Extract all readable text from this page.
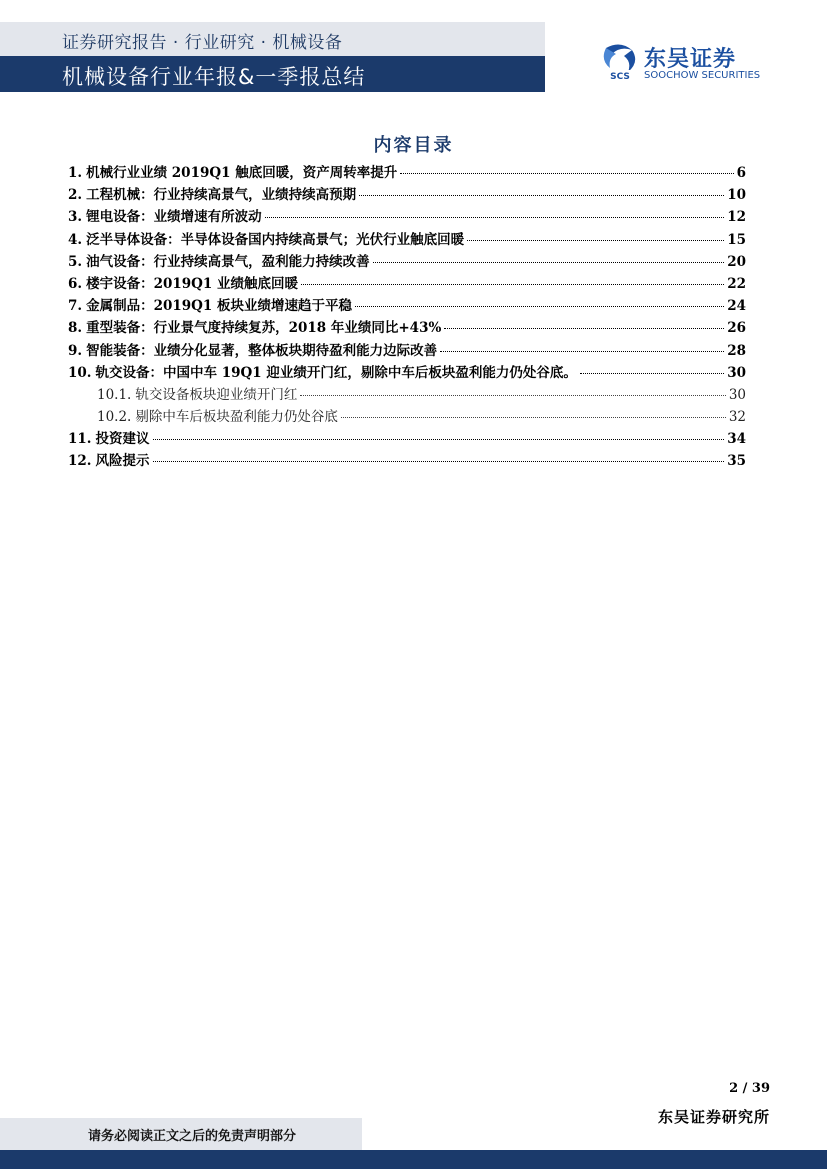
证券研究报告 · 行业研究 · 机械设备
机械设备行业年报&一季报总结	SCS
东吴证券
SOOCHOW SECURITIES
内容目录
1. 机械行业业绩 2019Q1 触底回暖，资产周转率提升	6
2. 工程机械：行业持续高景气，业绩持续高预期	10
3. 锂电设备：业绩增速有所波动	12
4. 泛半导体设备：半导体设备国内持续高景气；光伏行业触底回暖	15
5. 油气设备：行业持续高景气，盈利能力持续改善	20
6. 楼宇设备：2019Q1 业绩触底回暖	22
7. 金属制品：2019Q1 板块业绩增速趋于平稳	24
8. 重型装备：行业景气度持续复苏，2018 年业绩同比+43%	26
9. 智能装备：业绩分化显著，整体板块期待盈利能力边际改善	28
10. 轨交设备：中国中车 19Q1 迎业绩开门红，剔除中车后板块盈利能力仍处谷底。	30
10.1. 轨交设备板块迎业绩开门红	30
10.2. 剔除中车后板块盈利能力仍处谷底	32
11. 投资建议	34
12. 风险提示	35
2 / 39
东吴证券研究所
请务必阅读正文之后的免责声明部分
